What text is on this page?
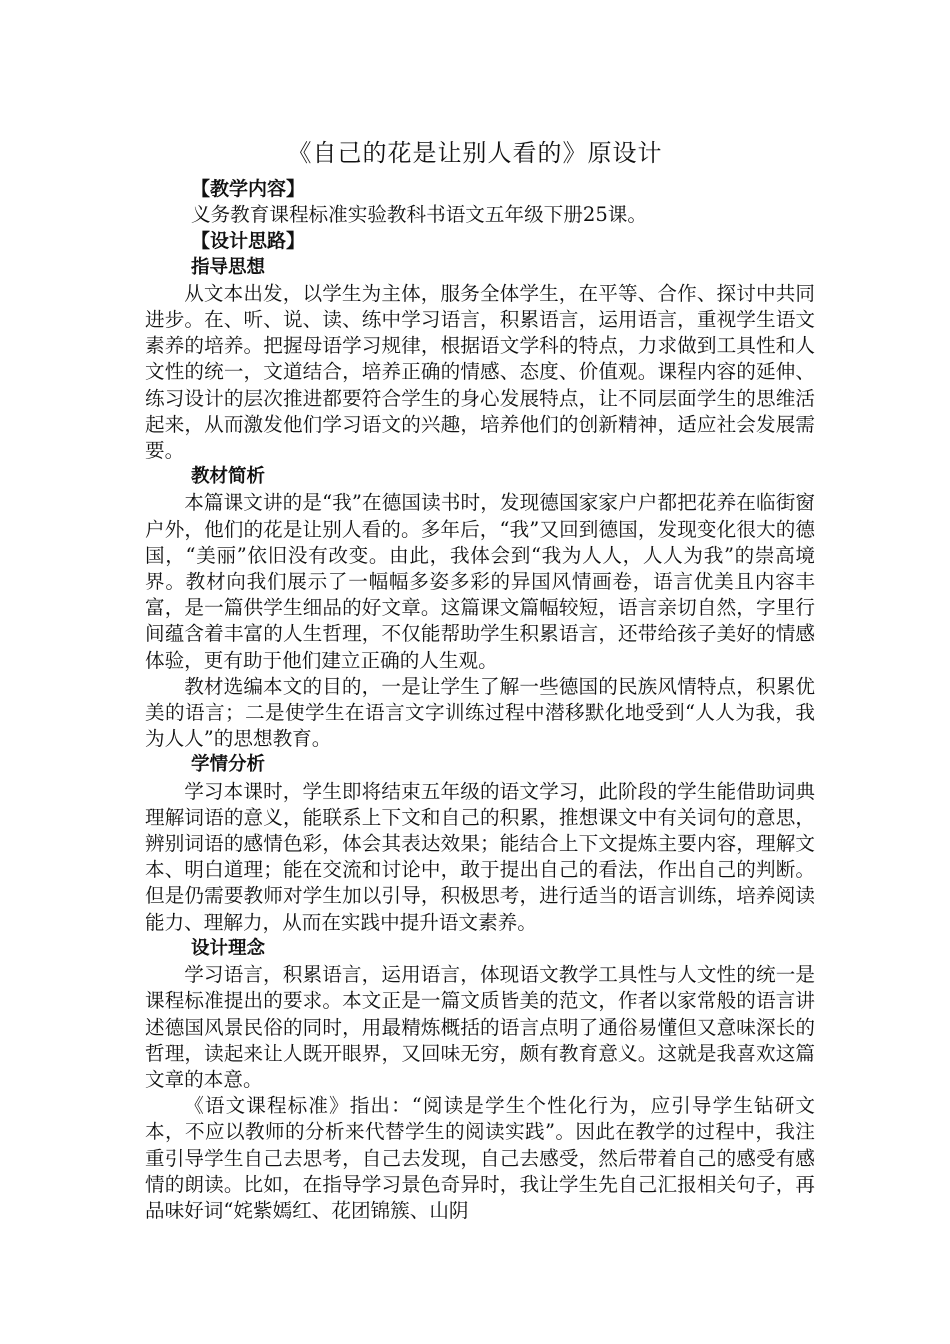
《自己的花是让别人看的》原设计

【教学内容】

义务教育课程标准实验教科书语文五年级下册25课。

【设计思路】

指导思想

从文本出发，以学生为主体，服务全体学生，在平等、合作、探讨中共同进步。在、听、说、读、练中学习语言，积累语言，运用语言，重视学生语文素养的培养。把握母语学习规律，根据语文学科的特点，力求做到工具性和人文性的统一，文道结合，培养正确的情感、态度、价值观。课程内容的延伸、练习设计的层次推进都要符合学生的身心发展特点，让不同层面学生的思维活起来，从而激发他们学习语文的兴趣，培养他们的创新精神，适应社会发展需要。

教材简析

本篇课文讲的是“我”在德国读书时，发现德国家家户户都把花养在临街窗户外，他们的花是让别人看的。多年后，“我”又回到德国，发现变化很大的德国，“美丽”依旧没有改变。由此，我体会到“我为人人，人人为我”的崇高境界。教材向我们展示了一幅幅多姿多彩的异国风情画卷，语言优美且内容丰富，是一篇供学生细品的好文章。这篇课文篇幅较短，语言亲切自然，字里行间蕴含着丰富的人生哲理，不仅能帮助学生积累语言，还带给孩子美好的情感体验，更有助于他们建立正确的人生观。

教材选编本文的目的，一是让学生了解一些德国的民族风情特点，积累优美的语言；二是使学生在语言文字训练过程中潜移默化地受到“人人为我，我为人人”的思想教育。

学情分析

学习本课时，学生即将结束五年级的语文学习，此阶段的学生能借助词典理解词语的意义，能联系上下文和自己的积累，推想课文中有关词句的意思，辨别词语的感情色彩，体会其表达效果；能结合上下文提炼主要内容，理解文本、明白道理；能在交流和讨论中，敢于提出自己的看法，作出自己的判断。但是仍需要教师对学生加以引导，积极思考，进行适当的语言训练，培养阅读能力、理解力，从而在实践中提升语文素养。

设计理念

学习语言，积累语言，运用语言，体现语文教学工具性与人文性的统一是课程标准提出的要求。本文正是一篇文质皆美的范文，作者以家常般的语言讲述德国风景民俗的同时，用最精炼概括的语言点明了通俗易懂但又意味深长的哲理，读起来让人既开眼界，又回味无穷，颇有教育意义。这就是我喜欢这篇文章的本意。

《语文课程标准》指出：“阅读是学生个性化行为，应引导学生钻研文本，不应以教师的分析来代替学生的阅读实践”。因此在教学的过程中，我注重引导学生自己去思考，自己去发现，自己去感受，然后带着自己的感受有感情的朗读。比如，在指导学习景色奇异时，我让学生先自己汇报相关句子，再品味好词“姹紫嫣红、花团锦簇、山阴
